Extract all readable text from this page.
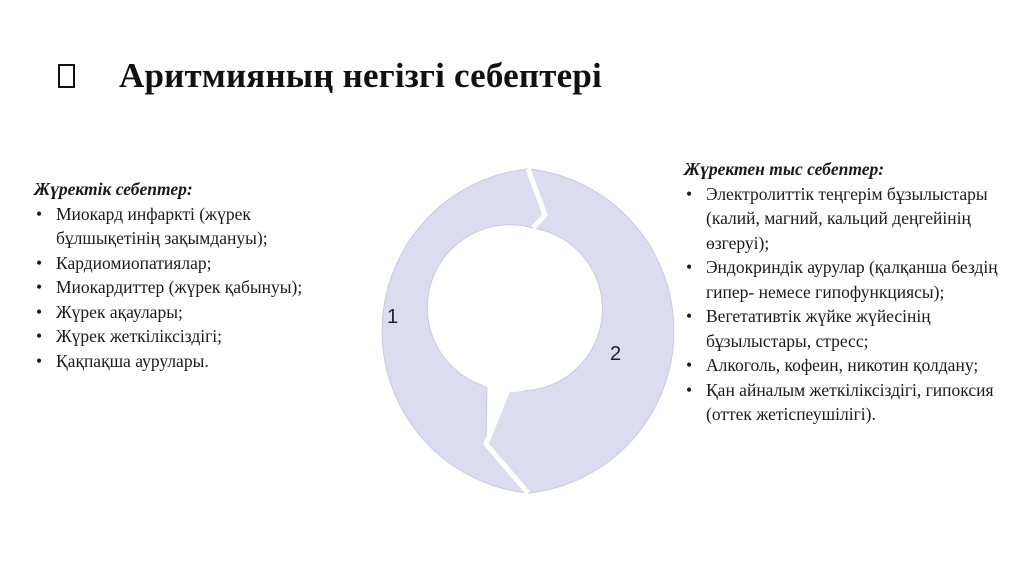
Аритмияның негізгі себептері
Жүректік себептер:
• Миокард инфаркті (жүрек бұлшықетінің зақымдануы);
• Кардиомиопатиялар;
• Миокардиттер (жүрек қабынуы);
• Жүрек ақаулары;
• Жүрек жеткіліксіздігі;
• Қақпақша аурулары.
1
2
Жүректен тыс себептер:
• Электролиттік теңгерім бұзылыстары (калий, магний, кальций деңгейінің өзгеруі);
• Эндокриндік аурулар (қалқанша бездің гипер- немесе гипофункциясы);
• Вегетативтік жүйке жүйесінің бұзылыстары, стресс;
• Алкоголь, кофеин, никотин қолдану;
• Қан айналым жеткіліксіздігі, гипоксия (оттек жетіспеушілігі).
